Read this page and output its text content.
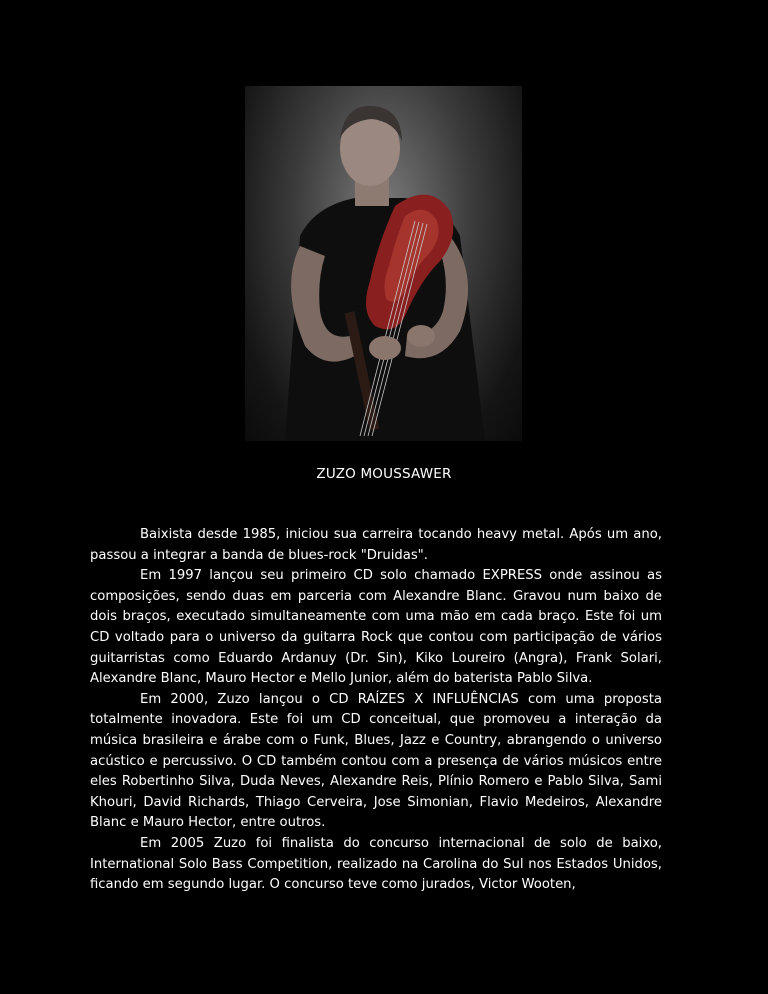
ZUZO MOUSSAWER

Baixista desde 1985, iniciou sua carreira tocando heavy metal. Após um ano, passou a integrar a banda de blues-rock "Druidas".

Em 1997 lançou seu primeiro CD solo chamado EXPRESS onde assinou as composições, sendo duas em parceria com Alexandre Blanc. Gravou num baixo de dois braços, executado simultaneamente com uma mão em cada braço. Este foi um CD voltado para o universo da guitarra Rock que contou com participação de vários guitarristas como Eduardo Ardanuy (Dr. Sin), Kiko Loureiro (Angra), Frank Solari, Alexandre Blanc, Mauro Hector e Mello Junior, além do baterista Pablo Silva.

Em 2000, Zuzo lançou o CD RAÍZES X INFLUÊNCIAS com uma proposta totalmente inovadora. Este foi um CD conceitual, que promoveu a interação da música brasileira e árabe com o Funk, Blues, Jazz e Country, abrangendo o universo acústico e percussivo. O CD também contou com a presença de vários músicos entre eles Robertinho Silva, Duda Neves, Alexandre Reis, Plínio Romero e Pablo Silva, Sami Khouri, David Richards, Thiago Cerveira, Jose Simonian, Flavio Medeiros, Alexandre Blanc e Mauro Hector, entre outros.

Em 2005 Zuzo foi finalista do concurso internacional de solo de baixo, International Solo Bass Competition, realizado na Carolina do Sul nos Estados Unidos, ficando em segundo lugar. O concurso teve como jurados, Victor Wooten,
